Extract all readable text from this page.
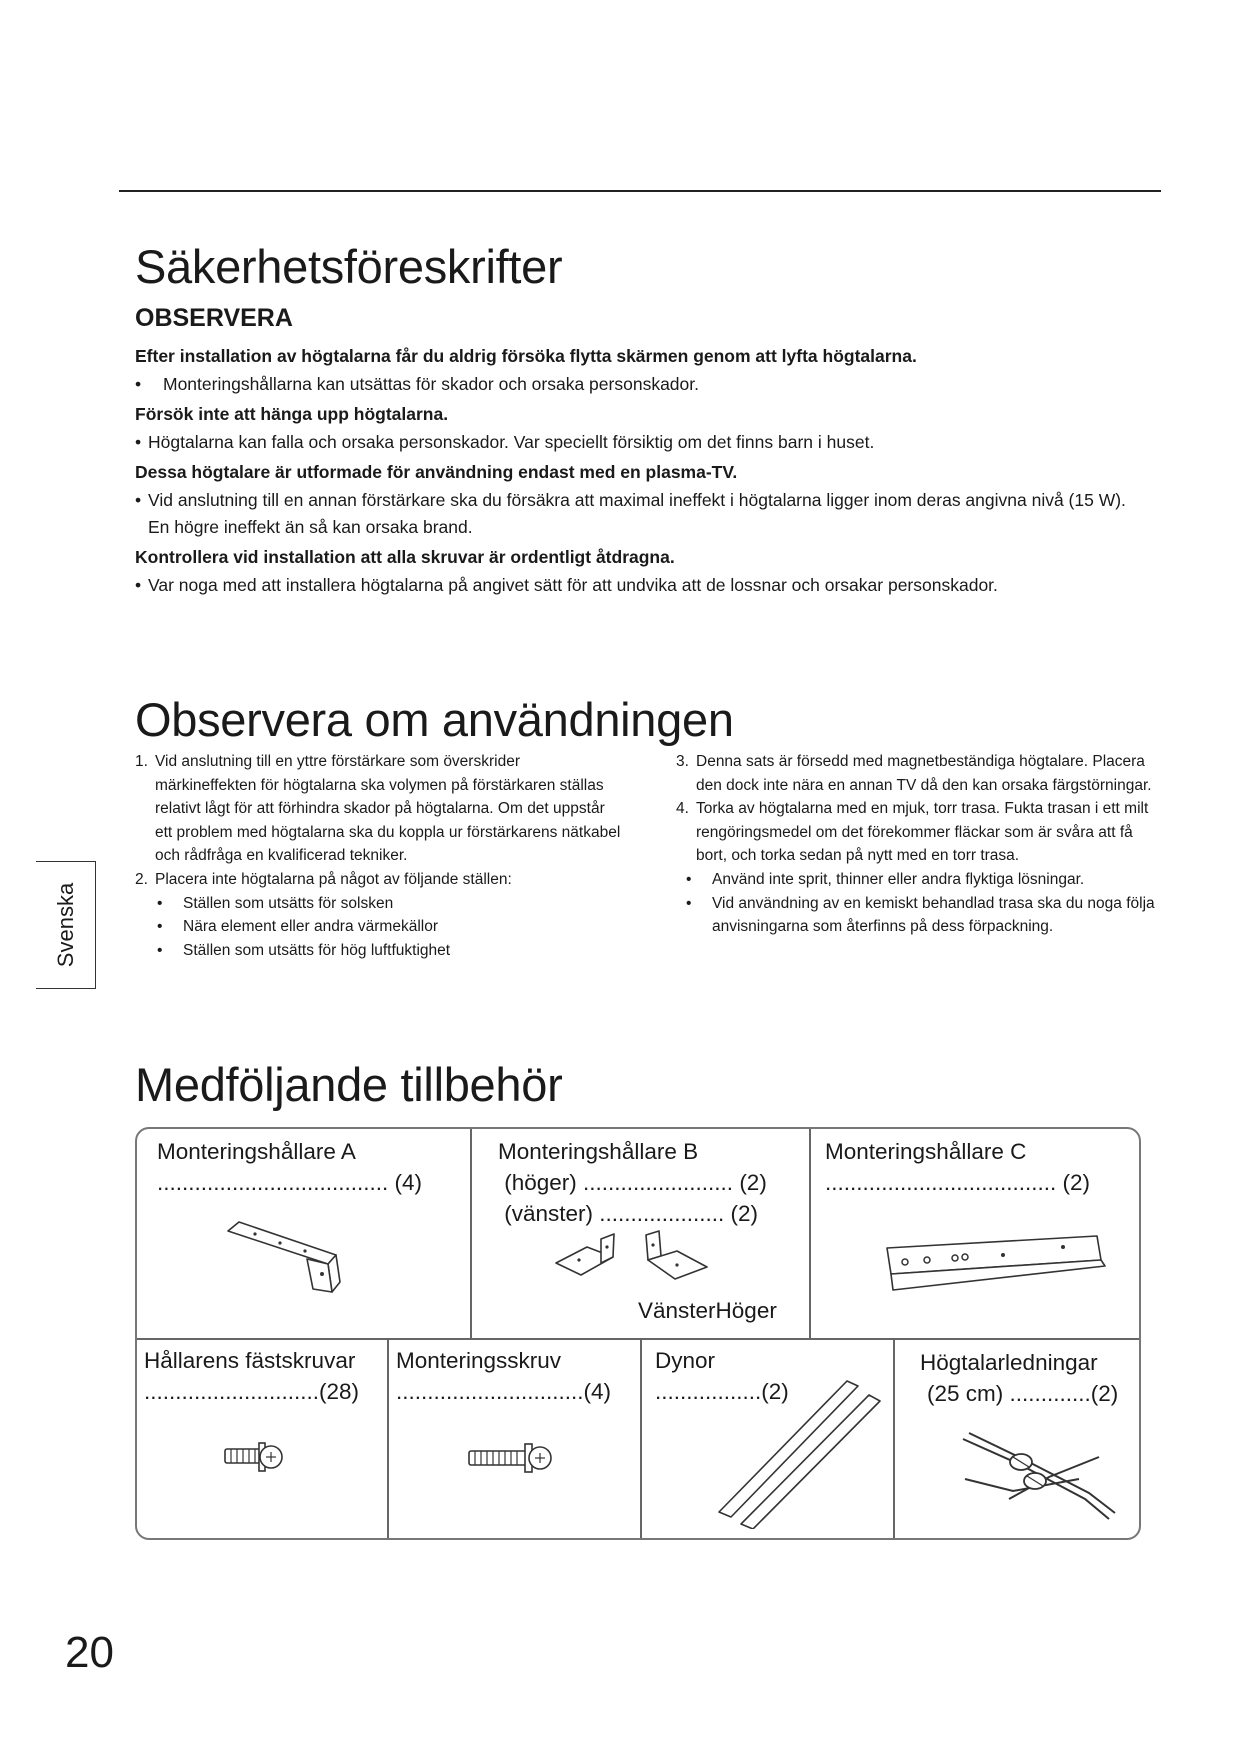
Säkerhetsföreskrifter

OBSERVERA

Efter installation av högtalarna får du aldrig försöka flytta skärmen genom att lyfta högtalarna.

• Monteringshållarna kan utsättas för skador och orsaka personskador.

Försök inte att hänga upp högtalarna.

• Högtalarna kan falla och orsaka personskador. Var speciellt försiktig om det finns barn i huset.

Dessa högtalare är utformade för användning endast med en plasma-TV.

• Vid anslutning till en annan förstärkare ska du försäkra att maximal ineffekt i högtalarna ligger inom deras angivna nivå (15 W). En högre ineffekt än så kan orsaka brand.

Kontrollera vid installation att alla skruvar är ordentligt åtdragna.

• Var noga med att installera högtalarna på angivet sätt för att undvika att de lossnar och orsakar personskador.

Observera om användningen

1. Vid anslutning till en yttre förstärkare som överskrider märkineffekten för högtalarna ska volymen på förstärkaren ställas relativt lågt för att förhindra skador på högtalarna. Om det uppstår ett problem med högtalarna ska du koppla ur förstärkarens nätkabel och rådfråga en kvalificerad tekniker.

2. Placera inte högtalarna på något av följande ställen:

• Ställen som utsätts för solsken

• Nära element eller andra värmekällor

• Ställen som utsätts för hög luftfuktighet

3. Denna sats är försedd med magnetbeständiga högtalare. Placera den dock inte nära en annan TV då den kan orsaka färgstörningar.

4. Torka av högtalarna med en mjuk, torr trasa. Fukta trasan i ett milt rengöringsmedel om det förekommer fläckar som är svåra att få bort, och torka sedan på nytt med en torr trasa.

• Använd inte sprit, thinner eller andra flyktiga lösningar.

• Vid användning av en kemiskt behandlad trasa ska du noga följa anvisningarna som återfinns på dess förpackning.

Svenska
Medföljande tillbehör
Monteringshållare A
..................................... (4)
Monteringshållare B
(höger) ........................ (2)
(vänster) .................... (2)
VänsterHöger
Monteringshållare C
..................................... (2)
Hållarens fästskruvar
............................(28)
Monteringsskruv
..............................(4)
Dynor
.................(2)
Högtalarledningar
(25 cm) .............(2)
20
